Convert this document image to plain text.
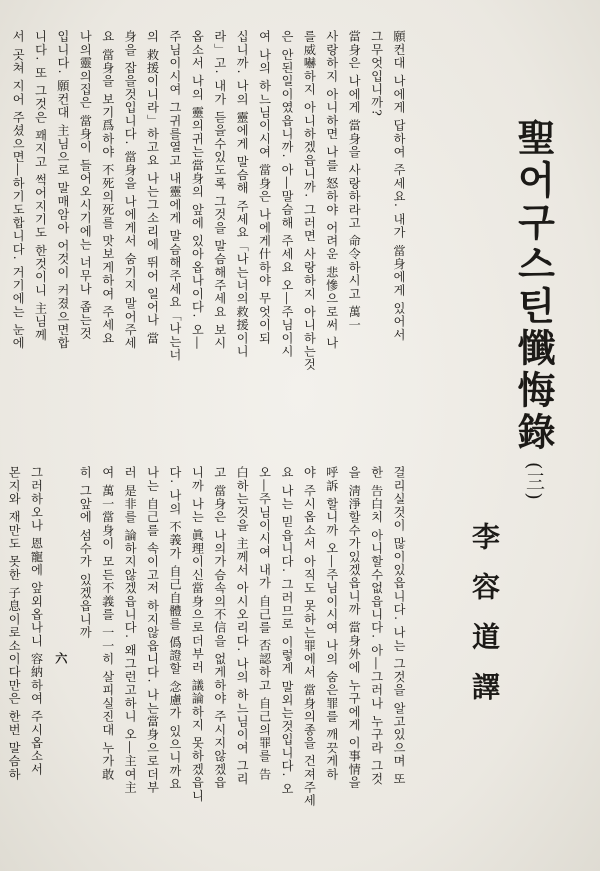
聖어구스틴懺悔錄
(三)
李容道譯
願컨대 나에게 답하여 주세요. 내가 當身에게 있어서
그무엇입니까?
當身은 나에게 當身을 사랑하라고 命令하시고 萬一
사랑하지 아니하면 나를 怒하야 어려운 悲慘으로써 나
를威嚇하지 아니하겠읍니까. 그러면 사랑하지 아니하는것
은 안된일이였읍니까. 아―말슴해 주세요 오―주님이시
여 나의 하느님이시여 當身은 나에게什하야 무엇이되
십니까. 나의 靈에게 말슴해 주세요「나는너의救援이니
라」고. 내가 듣을수있도록 그것을 말슴해주세요 보시
옵소서 나의 靈의귀는當身의 앞에 있아옵나이다. 오―
주님이시여 그귀를열고 내靈에게 말슴해주세요「나는너
의 救援이니라」하고요 나는그소리에 뛰어 일어나 當
身을 잡을것입니다. 當身을 나에게서 숨기지 말어주세
요 當身을 보기爲하야 不死의死를 맛보게하여 주세요
나의靈의집은 當身이 들어오시기에는 너무나 좁는것
입니다. 願컨대 主님으로 말매암아 어것이 커졌으면합
니다. 또 그것은 꽤지고 썩어지기도 한것이니 主님께
서 곳쳐 지어 주셨으면―하기도합니다. 거기에는 눈에
걸리실것이 많이있읍니다. 나는 그것을 알고있으며 또
한 告白치 아니할수없읍니다. 아―그러나 누구라 그것
을 淸淨할수가있겠읍니까 當身外에 누구에게 이事情을
呼訴 할니까 오―주님이시여 나의 숨은罪를 깨끗게하
야 주시옵소서 아직도 못하는罪에서 當身의종을 건져주세
요 나는 믿읍니다. 그러므로 이렇게 말외는것입니다. 오
오―주님이시여 내가 自己를 否認하고 自己의罪를 告
白하는것을 主께서 아시오리다. 나의 하느님이여 그리
고 當身은 나의가슴속의不信을 없게하야 주시지않겠읍
니까 나는 眞理이신當身으로더부러 議論하지 못하겠읍니
다. 나의 不義가 自己自體를 僞證할 念慮가 있으니까요
나는 自己를 속이고저 하지않읍니다. 나는當身으로더부
러 是非를 論하지않겠읍니다. 왜그런고하니 오―主여主
여 萬一當身이 모든不義를 一一히 살피실진대 누가敢
히 그앞에 섬수가 있겠읍니까
六
그러하오나 恩寵에 앞외옵나니 容納하여 주시옵소서
몬지와 재만도 못한 子息이로소이다만은 한번 말슴하
